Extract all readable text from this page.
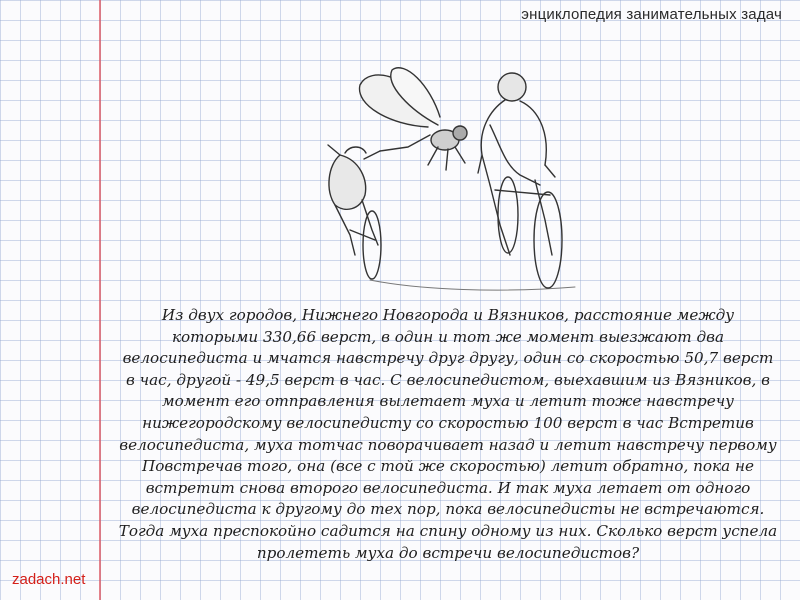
энциклопедия занимательных задач
Из двух городов, Нижнего Новгорода и Вязников, расстояние между которыми 330,66 верст, в один и тот же момент выезжают два велосипедиста и мчатся навстречу друг другу, один со скоростью 50,7 верст в час, другой - 49,5 верст в час. С велосипедистом, выехавшим из Вязников, в момент его отправления вылетает муха и летит тоже навстречу нижегородскому велосипедисту со скоростью 100 верст в час Встретив велосипедиста, муха тотчас поворачивает назад и летит навстречу первому Повстречав того, она (все с той же скоростью) летит обратно, пока не встретит снова второго велосипедиста. И так муха летает от одного велосипедиста к другому до тех пор, пока велосипедисты не встречаются. Тогда муха преспокойно садится на спину одному из них. Сколько верст успела пролететь муха до встречи велосипедистов?
zadach.net
